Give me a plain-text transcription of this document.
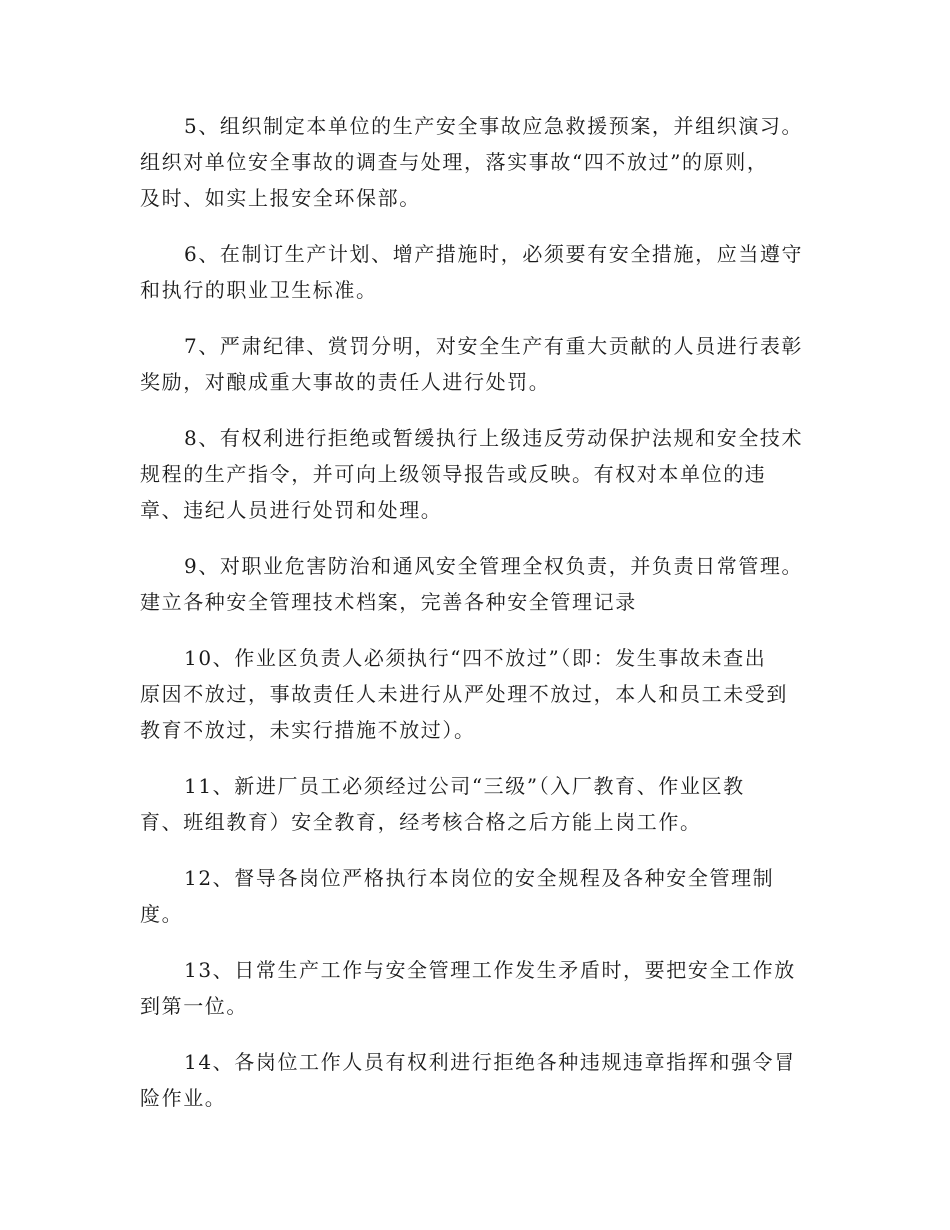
5、组织制定本单位的生产安全事故应急救援预案，并组织演习。
组织对单位安全事故的调查与处理，落实事故“四不放过”的原则，
及时、如实上报安全环保部。

6、在制订生产计划、增产措施时，必须要有安全措施，应当遵守
和执行的职业卫生标准。

7、严肃纪律、赏罚分明，对安全生产有重大贡献的人员进行表彰
奖励，对酿成重大事故的责任人进行处罚。

8、有权利进行拒绝或暂缓执行上级违反劳动保护法规和安全技术
规程的生产指令，并可向上级领导报告或反映。有权对本单位的违
章、违纪人员进行处罚和处理。

9、对职业危害防治和通风安全管理全权负责，并负责日常管理。
建立各种安全管理技术档案，完善各种安全管理记录

10、作业区负责人必须执行“四不放过”（即：发生事故未查出
原因不放过，事故责任人未进行从严处理不放过，本人和员工未受到
教育不放过，未实行措施不放过）。

11、新进厂员工必须经过公司“三级”（入厂教育、作业区教
育、班组教育）安全教育，经考核合格之后方能上岗工作。

12、督导各岗位严格执行本岗位的安全规程及各种安全管理制
度。

13、日常生产工作与安全管理工作发生矛盾时，要把安全工作放
到第一位。

14、各岗位工作人员有权利进行拒绝各种违规违章指挥和强令冒
险作业。
